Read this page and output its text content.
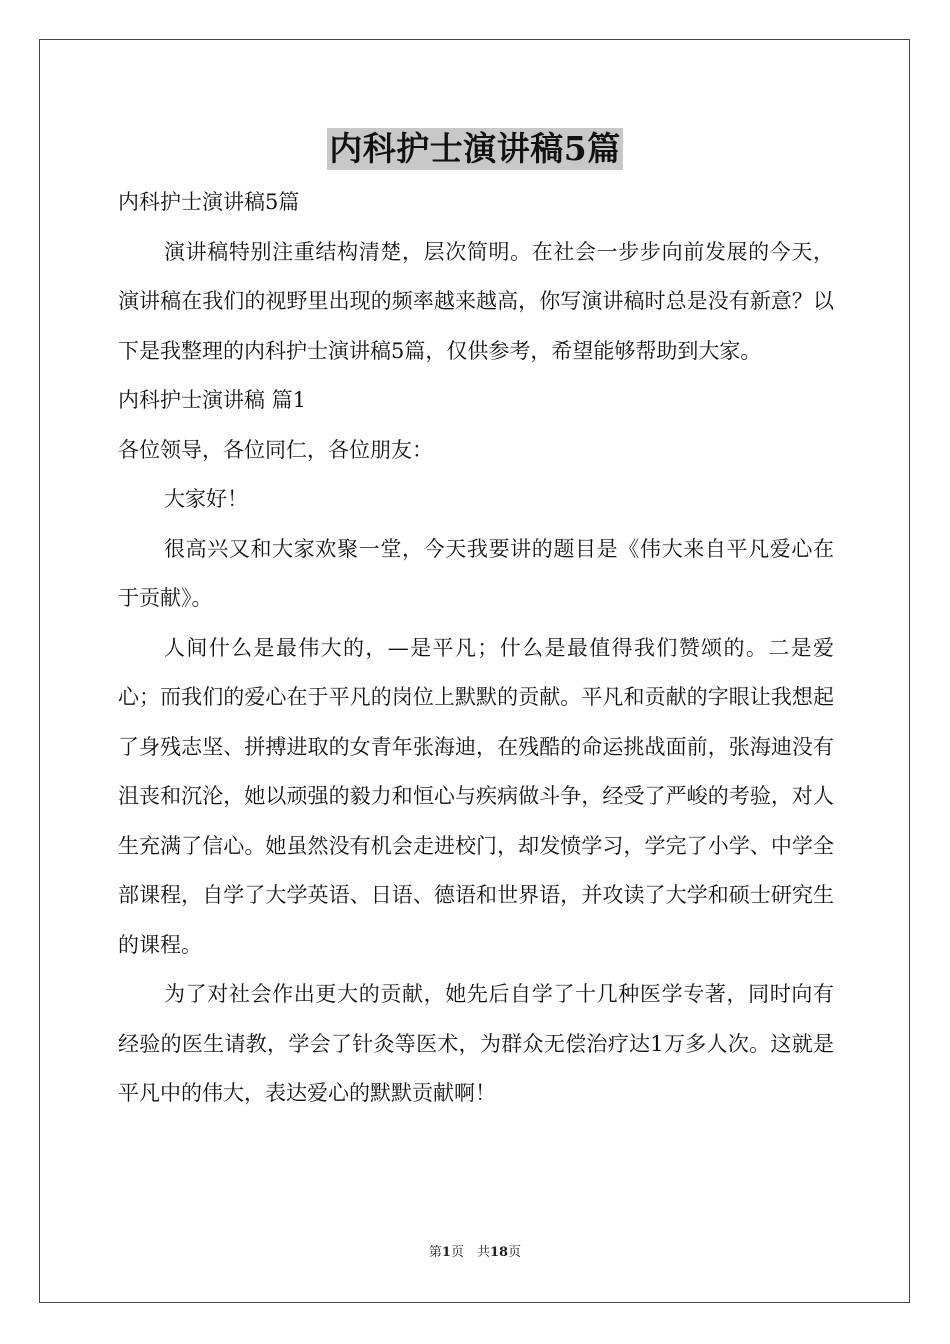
内科护士演讲稿5篇

内科护士演讲稿5篇

演讲稿特别注重结构清楚，层次简明。在社会一步步向前发展的今天，演讲稿在我们的视野里出现的频率越来越高，你写演讲稿时总是没有新意？以下是我整理的内科护士演讲稿5篇，仅供参考，希望能够帮助到大家。

内科护士演讲稿 篇1

各位领导，各位同仁，各位朋友：

大家好！

很高兴又和大家欢聚一堂，今天我要讲的题目是《伟大来自平凡爱心在于贡献》。

人间什么是最伟大的，—是平凡；什么是最值得我们赞颂的。二是爱心；而我们的爱心在于平凡的岗位上默默的贡献。平凡和贡献的字眼让我想起了身残志坚、拼搏进取的女青年张海迪，在残酷的命运挑战面前，张海迪没有沮丧和沉沦，她以顽强的毅力和恒心与疾病做斗争，经受了严峻的考验，对人生充满了信心。她虽然没有机会走进校门，却发愤学习，学完了小学、中学全部课程，自学了大学英语、日语、德语和世界语，并攻读了大学和硕士研究生的课程。

为了对社会作出更大的贡献，她先后自学了十几种医学专著，同时向有经验的医生请教，学会了针灸等医术，为群众无偿治疗达1万多人次。这就是平凡中的伟大，表达爱心的默默贡献啊！

第1页　共18页
